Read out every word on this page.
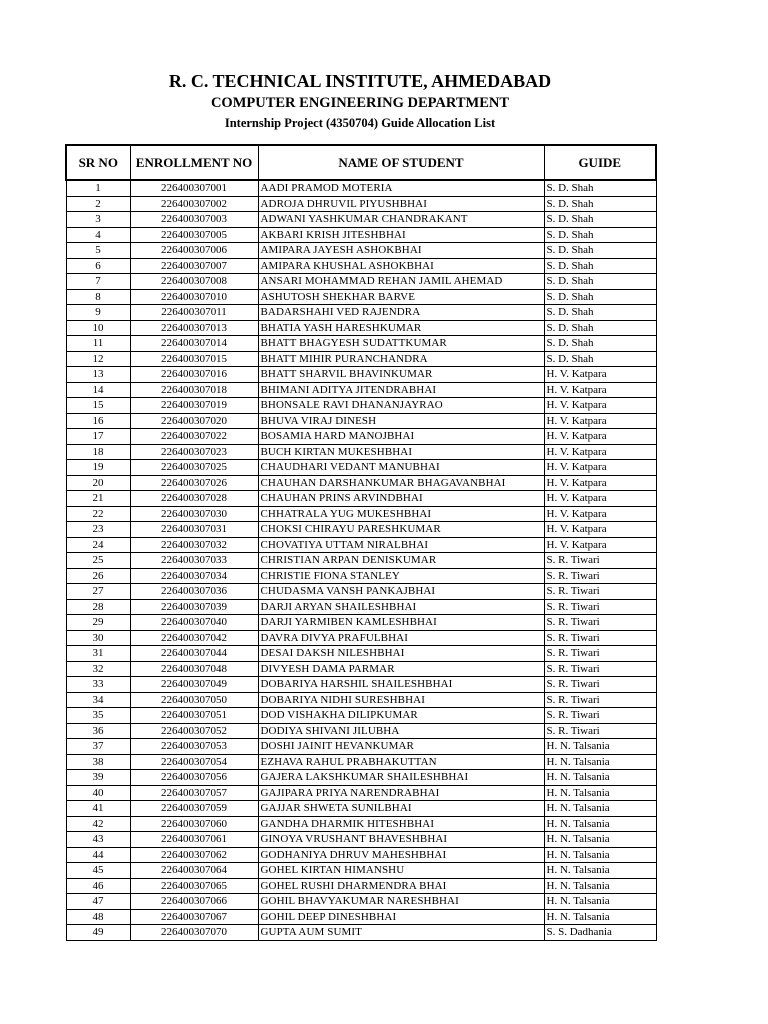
R. C. TECHNICAL INSTITUTE, AHMEDABAD
COMPUTER ENGINEERING DEPARTMENT
Internship Project (4350704) Guide Allocation List
SR NO	ENROLLMENT NO	NAME OF STUDENT	GUIDE
1	226400307001	AADI PRAMOD MOTERIA	S. D. Shah
2	226400307002	ADROJA DHRUVIL PIYUSHBHAI	S. D. Shah
3	226400307003	ADWANI YASHKUMAR CHANDRAKANT	S. D. Shah
4	226400307005	AKBARI KRISH JITESHBHAI	S. D. Shah
5	226400307006	AMIPARA JAYESH ASHOKBHAI	S. D. Shah
6	226400307007	AMIPARA KHUSHAL ASHOKBHAI	S. D. Shah
7	226400307008	ANSARI MOHAMMAD REHAN JAMIL AHEMAD	S. D. Shah
8	226400307010	ASHUTOSH SHEKHAR BARVE	S. D. Shah
9	226400307011	BADARSHAHI VED RAJENDRA	S. D. Shah
10	226400307013	BHATIA YASH HARESHKUMAR	S. D. Shah
11	226400307014	BHATT BHAGYESH SUDATTKUMAR	S. D. Shah
12	226400307015	BHATT MIHIR PURANCHANDRA	S. D. Shah
13	226400307016	BHATT SHARVIL BHAVINKUMAR	H. V. Katpara
14	226400307018	BHIMANI ADITYA JITENDRABHAI	H. V. Katpara
15	226400307019	BHONSALE RAVI DHANANJAYRAO	H. V. Katpara
16	226400307020	BHUVA VIRAJ DINESH	H. V. Katpara
17	226400307022	BOSAMIA HARD MANOJBHAI	H. V. Katpara
18	226400307023	BUCH KIRTAN MUKESHBHAI	H. V. Katpara
19	226400307025	CHAUDHARI VEDANT MANUBHAI	H. V. Katpara
20	226400307026	CHAUHAN DARSHANKUMAR BHAGAVANBHAI	H. V. Katpara
21	226400307028	CHAUHAN PRINS ARVINDBHAI	H. V. Katpara
22	226400307030	CHHATRALA YUG MUKESHBHAI	H. V. Katpara
23	226400307031	CHOKSI CHIRAYU PARESHKUMAR	H. V. Katpara
24	226400307032	CHOVATIYA UTTAM NIRALBHAI	H. V. Katpara
25	226400307033	CHRISTIAN ARPAN DENISKUMAR	S. R. Tiwari
26	226400307034	CHRISTIE FIONA STANLEY	S. R. Tiwari
27	226400307036	CHUDASMA VANSH PANKAJBHAI	S. R. Tiwari
28	226400307039	DARJI ARYAN SHAILESHBHAI	S. R. Tiwari
29	226400307040	DARJI YARMIBEN KAMLESHBHAI	S. R. Tiwari
30	226400307042	DAVRA DIVYA PRAFULBHAI	S. R. Tiwari
31	226400307044	DESAI DAKSH NILESHBHAI	S. R. Tiwari
32	226400307048	DIVYESH DAMA PARMAR	S. R. Tiwari
33	226400307049	DOBARIYA HARSHIL SHAILESHBHAI	S. R. Tiwari
34	226400307050	DOBARIYA NIDHI SURESHBHAI	S. R. Tiwari
35	226400307051	DOD VISHAKHA DILIPKUMAR	S. R. Tiwari
36	226400307052	DODIYA SHIVANI JILUBHA	S. R. Tiwari
37	226400307053	DOSHI JAINIT HEVANKUMAR	H. N. Talsania
38	226400307054	EZHAVA RAHUL PRABHAKUTTAN	H. N. Talsania
39	226400307056	GAJERA LAKSHKUMAR SHAILESHBHAI	H. N. Talsania
40	226400307057	GAJIPARA PRIYA NARENDRABHAI	H. N. Talsania
41	226400307059	GAJJAR SHWETA SUNILBHAI	H. N. Talsania
42	226400307060	GANDHA DHARMIK HITESHBHAI	H. N. Talsania
43	226400307061	GINOYA VRUSHANT BHAVESHBHAI	H. N. Talsania
44	226400307062	GODHANIYA DHRUV MAHESHBHAI	H. N. Talsania
45	226400307064	GOHEL KIRTAN HIMANSHU	H. N. Talsania
46	226400307065	GOHEL RUSHI DHARMENDRA BHAI	H. N. Talsania
47	226400307066	GOHIL BHAVYAKUMAR NARESHBHAI	H. N. Talsania
48	226400307067	GOHIL DEEP DINESHBHAI	H. N. Talsania
49	226400307070	GUPTA AUM SUMIT	S. S. Dadhania
